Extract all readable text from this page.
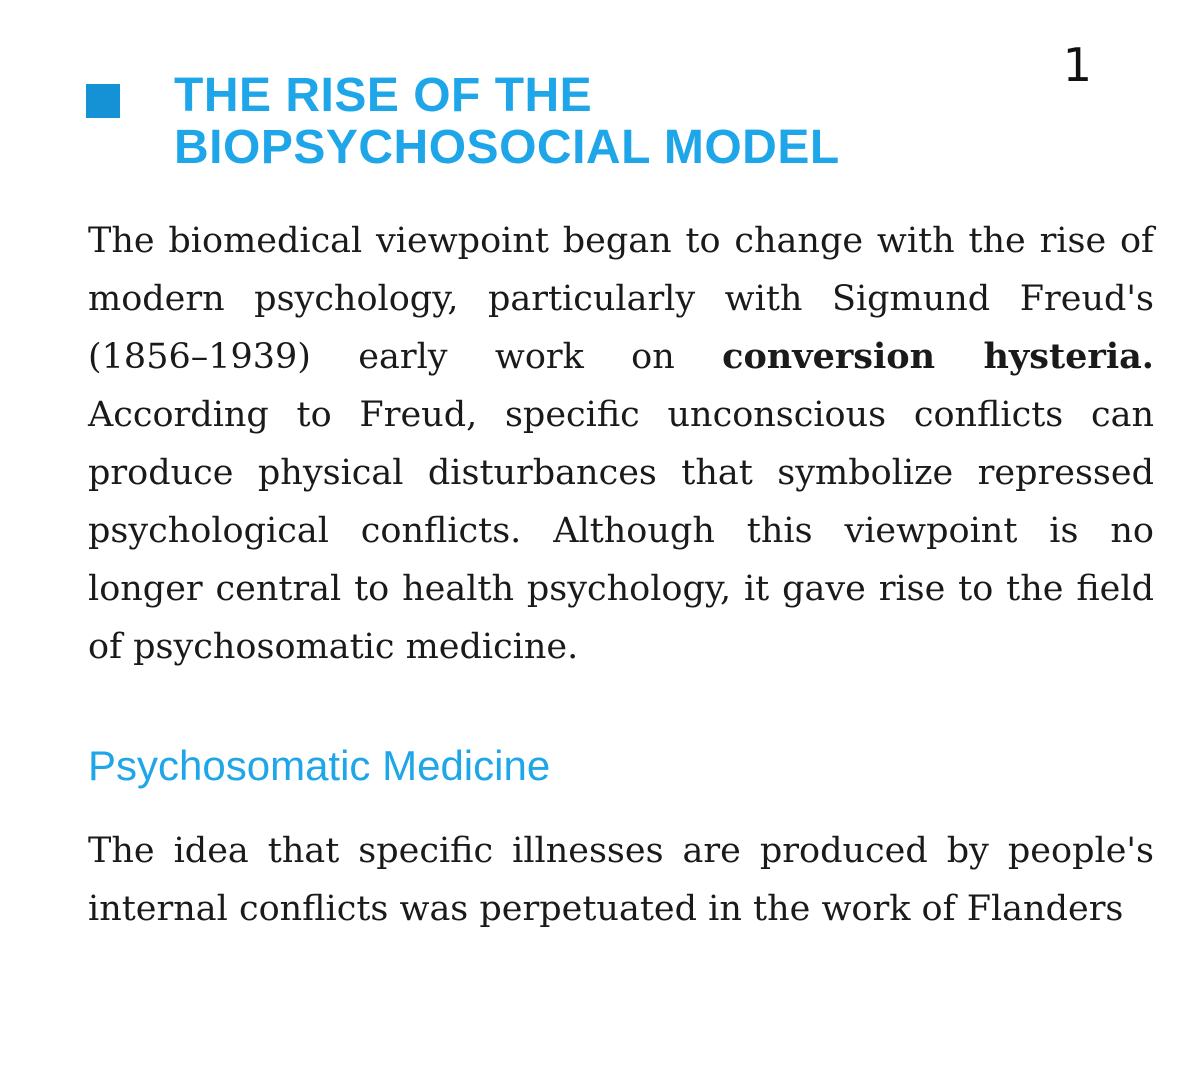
1
THE RISE OF THE
BIOPSYCHOSOCIAL MODEL

The biomedical viewpoint began to change with the rise of modern psychology, particularly with Sigmund Freud's (1856–1939) early work on conversion hysteria. According to Freud, specific unconscious conflicts can produce physical disturbances that symbolize repressed psychological conflicts. Although this viewpoint is no longer central to health psychology, it gave rise to the field of psychosomatic medicine.

Psychosomatic Medicine

The idea that specific illnesses are produced by people's internal conflicts was perpetuated in the work of Flanders
